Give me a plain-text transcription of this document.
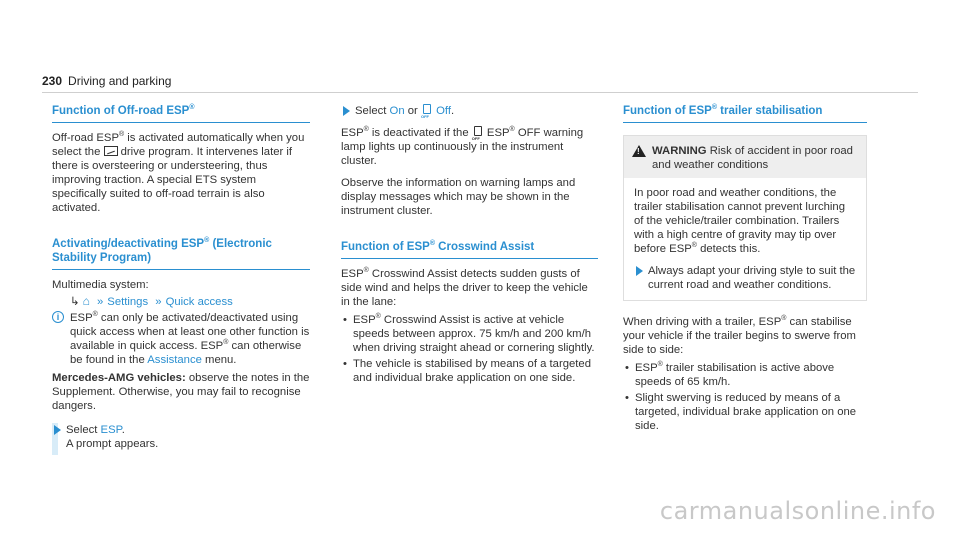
230 Driving and parking
Function of Off-road ESP®

Off-road ESP® is activated automatically when you select the  drive program. It intervenes later if there is oversteering or understeering, thus improving traction. A special ETS system specifically suited to off-road terrain is also activated.

Activating/deactivating ESP® (Electronic Stability Program)

Multimedia system:

↳ ⌂ » Settings » Quick access
i ESP® can only be activated/deactivated using quick access when at least one other function is available in quick access. ESP® can otherwise be found in the Assistance menu.

Mercedes-AMG vehicles: observe the notes in the Supplement. Otherwise, you may fail to recognise dangers.

Select ESP.
A prompt appears.
Select On or OFF Off.

ESP® is deactivated if the OFF ESP® OFF warning lamp lights up continuously in the instrument cluster.

Observe the information on warning lamps and display messages which may be shown in the instrument cluster.

Function of ESP® Crosswind Assist

ESP® Crosswind Assist detects sudden gusts of side wind and helps the driver to keep the vehicle in the lane:

• ESP® Crosswind Assist is active at vehicle speeds between approx. 75 km/h and 200 km/h when driving straight ahead or cornering slightly.
• The vehicle is stabilised by means of a targeted and individual brake application on one side.
Function of ESP® trailer stabilisation
!
WARNING Risk of accident in poor road and weather conditions
In poor road and weather conditions, the trailer stabilisation cannot prevent lurching of the vehicle/trailer combination. Trailers with a high centre of gravity may tip over before ESP® detects this.
Always adapt your driving style to suit the current road and weather conditions.

When driving with a trailer, ESP® can stabilise your vehicle if the trailer begins to swerve from side to side:

• ESP® trailer stabilisation is active above speeds of 65 km/h.
• Slight swerving is reduced by means of a targeted, individual brake application on one side.
carmanualsonline.info
